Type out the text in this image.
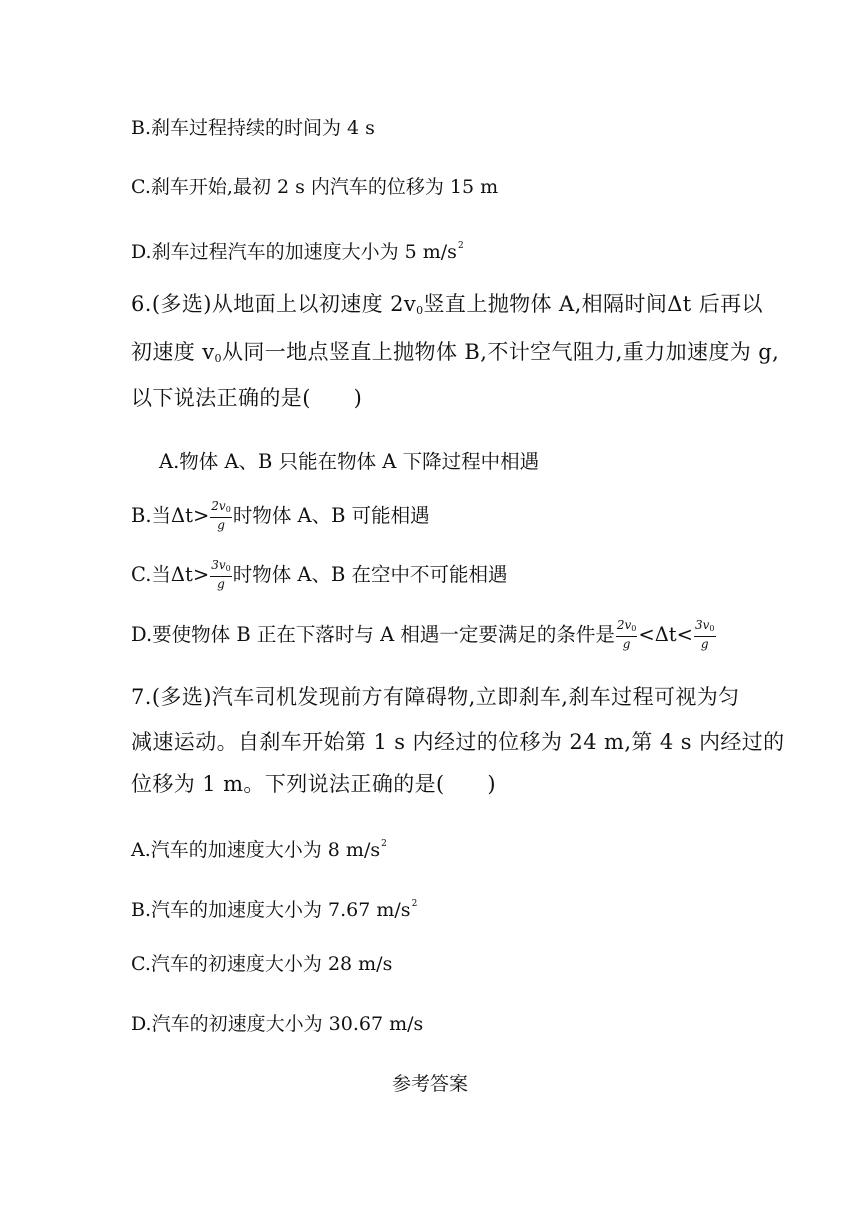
B.刹车过程持续的时间为 4 s
C.刹车开始,最初 2 s 内汽车的位移为 15 m
D.刹车过程汽车的加速度大小为 5 $m/s^2$
6.(多选)从地面上以初速度 $2v_0$竖直上抛物体 A,相隔时间Δt 后再以
初速度 $v_0$从同一地点竖直上抛物体 B,不计空气阻力,重力加速度为 g,
以下说法正确的是(　　)
A.物体 A、B 只能在物体 A 下降过程中相遇
B.当$\Delta t> \frac{2v_0}{g}$ 时物体 A、B 可能相遇
C.当$\Delta t> \frac{3v_0}{g}$ 时物体 A、B 在空中不可能相遇
D.要使物体 B 正在下落时与 A 相遇一定要满足的条件是 $\frac{2v_0}{g} <\Delta t< \frac{3v_0}{g}$
7.(多选)汽车司机发现前方有障碍物,立即刹车,刹车过程可视为匀
减速运动。自刹车开始第 1 s 内经过的位移为 24 m,第 4 s 内经过的
位移为 1 m。下列说法正确的是(　　)
A.汽车的加速度大小为 8 $m/s^2$
B.汽车的加速度大小为 7.67 $m/s^2$
C.汽车的初速度大小为 28 m/s
D.汽车的初速度大小为 30.67 m/s
参考答案
